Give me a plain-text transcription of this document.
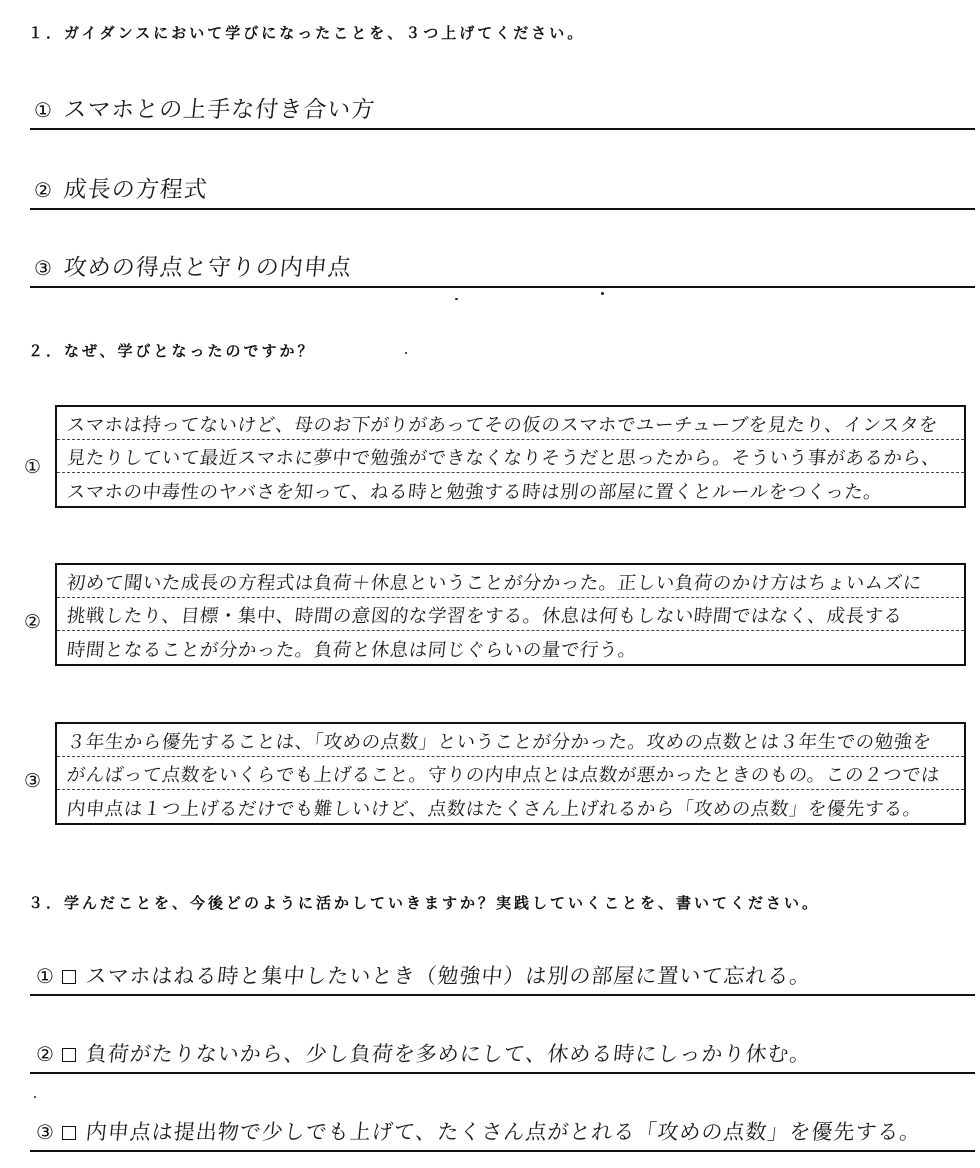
１．ガイダンスにおいて学びになったことを、３つ上げてください。
① スマホとの上手な付き合い方
② 成長の方程式
③ 攻めの得点と守りの内申点
２．なぜ、学びとなったのですか？
①
スマホは持ってないけど、母のお下がりがあってその仮のスマホでユーチューブを見たり、インスタを
見たりしていて最近スマホに夢中で勉強ができなくなりそうだと思ったから。そういう事があるから、
スマホの中毒性のヤバさを知って、ねる時と勉強する時は別の部屋に置くとルールをつくった。
②
初めて聞いた成長の方程式は負荷＋休息ということが分かった。正しい負荷のかけ方はちょいムズに
挑戦したり、目標・集中、時間の意図的な学習をする。休息は何もしない時間ではなく、成長する
時間となることが分かった。負荷と休息は同じぐらいの量で行う。
③
３年生から優先することは、「攻めの点数」ということが分かった。攻めの点数とは３年生での勉強を
がんばって点数をいくらでも上げること。守りの内申点とは点数が悪かったときのもの。この２つでは
内申点は１つ上げるだけでも難しいけど、点数はたくさん上げれるから「攻めの点数」を優先する。
３．学んだことを、今後どのように活かしていきますか？実践していくことを、書いてください。
① スマホはねる時と集中したいとき（勉強中）は別の部屋に置いて忘れる。
② 負荷がたりないから、少し負荷を多めにして、休める時にしっかり休む。
③ 内申点は提出物で少しでも上げて、たくさん点がとれる「攻めの点数」を優先する。
